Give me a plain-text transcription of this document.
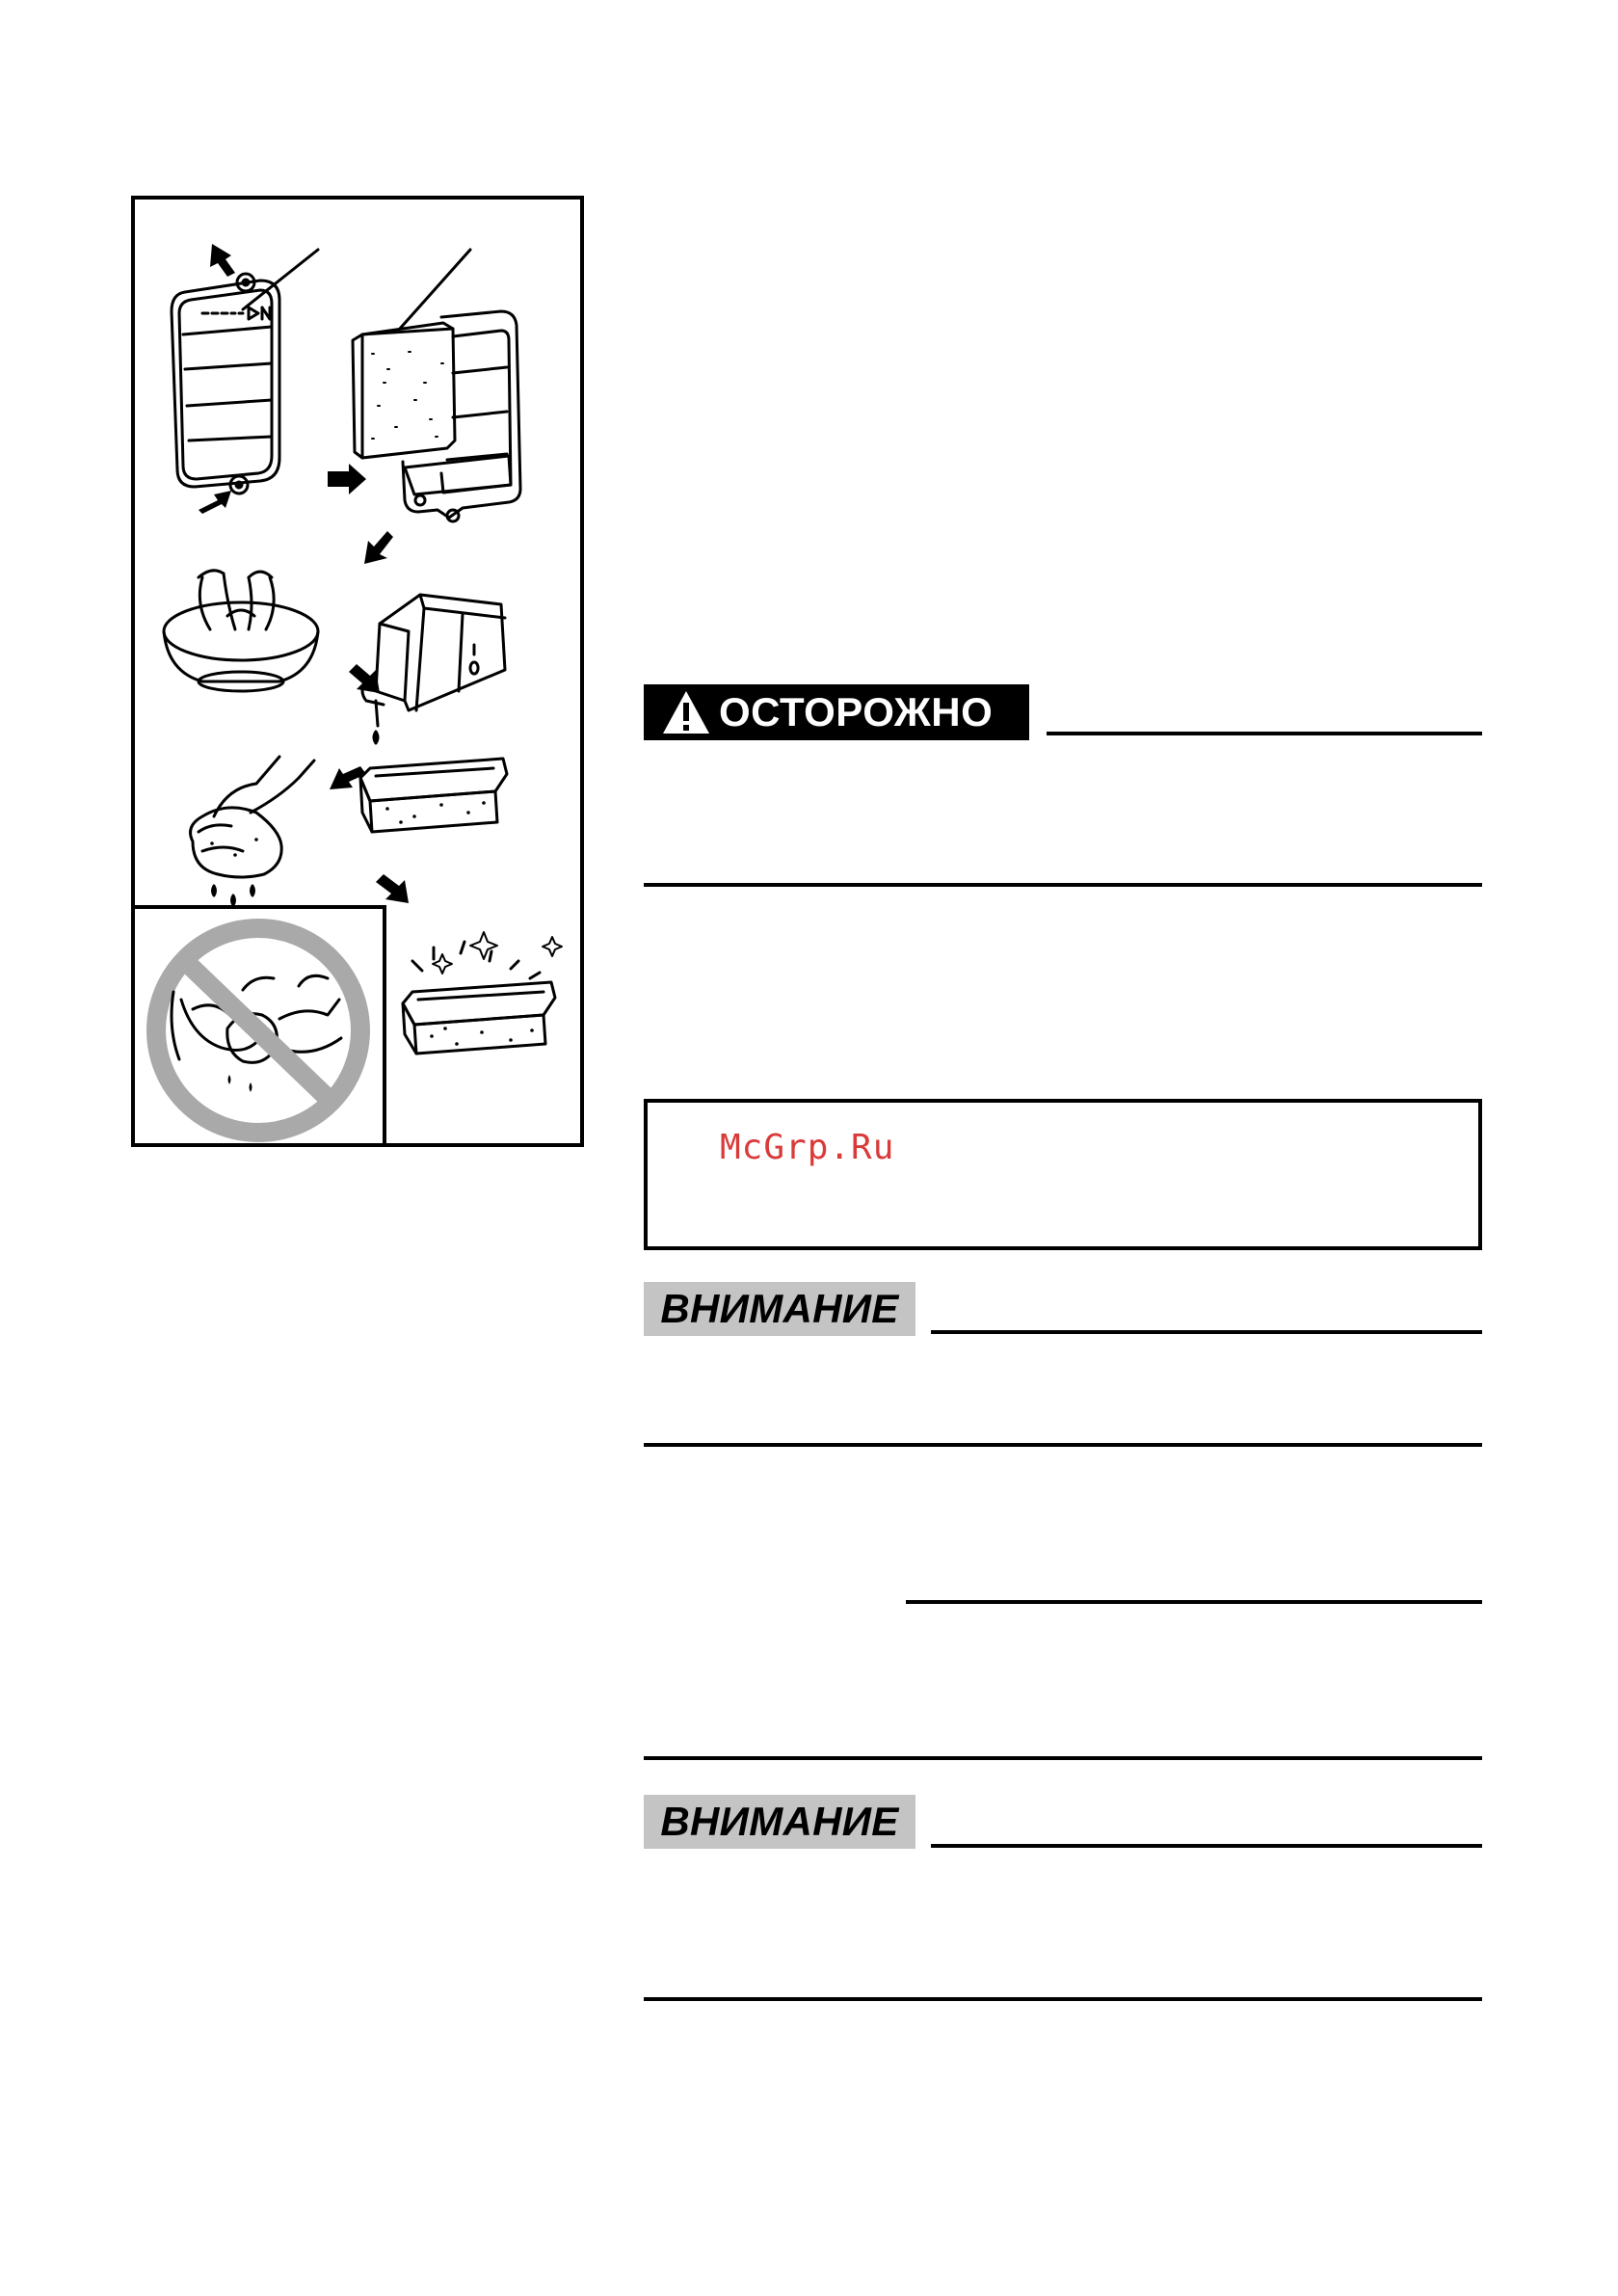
ОСТОРОЖНО
McGrp.Ru
ВНИМАНИЕ
ВНИМАНИЕ
